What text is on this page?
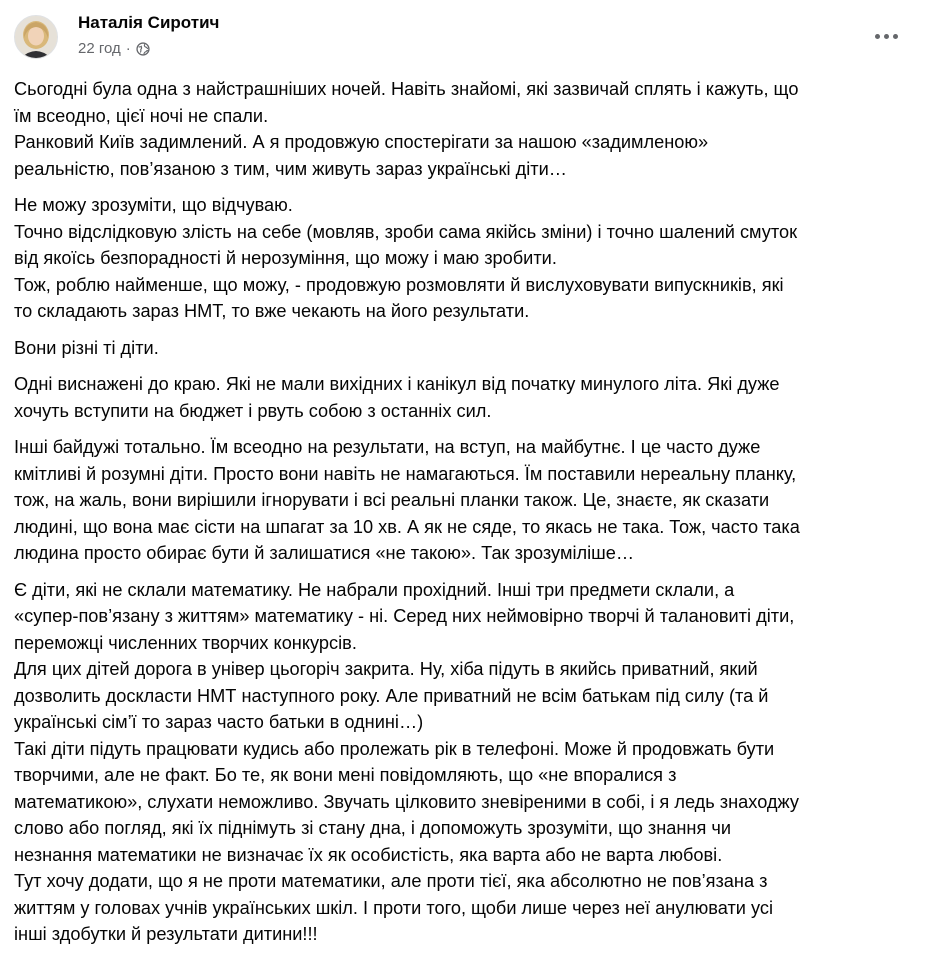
Наталія Сиротич
22 год ·
Сьогодні була одна з найстрашніших ночей. Навіть знайомі, які зазвичай сплять і кажуть, що
їм всеодно, цієї ночі не спали.
Ранковий Київ задимлений. А я продовжую спостерігати за нашою «задимленою»
реальністю, пов’язаною з тим, чим живуть зараз українські діти…
Не можу зрозуміти, що відчуваю.
Точно відслідковую злість на себе (мовляв, зроби сама якійсь зміни) і точно шалений смуток
від якоїсь безпорадності й нерозуміння, що можу і маю зробити.
Тож, роблю найменше, що можу, - продовжую розмовляти й вислуховувати випускників, які
то складають зараз НМТ, то вже чекають на його результати.
Вони різні ті діти.
Одні виснажені до краю. Які не мали вихідних і канікул від початку минулого літа. Які дуже
хочуть вступити на бюджет і рвуть собою з останніх сил.
Інші байдужі тотально. Їм всеодно на результати, на вступ, на майбутнє. І це часто дуже
кмітливі й розумні діти. Просто вони навіть не намагаються. Їм поставили нереальну планку,
тож, на жаль, вони вирішили ігнорувати і всі реальні планки також. Це, знаєте, як сказати
людині, що вона має сісти на шпагат за 10 хв. А як не сяде, то якась не така. Тож, часто така
людина просто обирає бути й залишатися «не такою». Так зрозуміліше…
Є діти, які не склали математику. Не набрали прохідний. Інші три предмети склали, а
«супер-пов’язану з життям» математику - ні. Серед них неймовірно творчі й талановиті діти,
переможці численних творчих конкурсів.
Для цих дітей дорога в універ цьогоріч закрита. Ну, хіба підуть в якийсь приватний, який
дозволить доскласти НМТ наступного року. Але приватний не всім батькам під силу (та й
українські сім’ї то зараз часто батьки в однині…)
Такі діти підуть працювати кудись або пролежать рік в телефоні. Може й продовжать бути
творчими, але не факт. Бо те, як вони мені повідомляють, що «не впоралися з
математикою», слухати неможливо. Звучать цілковито зневіреними в собі, і я ледь знаходжу
слово або погляд, які їх піднімуть зі стану дна, і допоможуть зрозуміти, що знання чи
незнання математики не визначає їх як особистість, яка варта або не варта любові.
Тут хочу додати, що я не проти математики, але проти тієї, яка абсолютно не пов’язана з
життям у головах учнів українських шкіл. І проти того, щоби лише через неї анулювати усі
інші здобутки й результати дитини!!!
